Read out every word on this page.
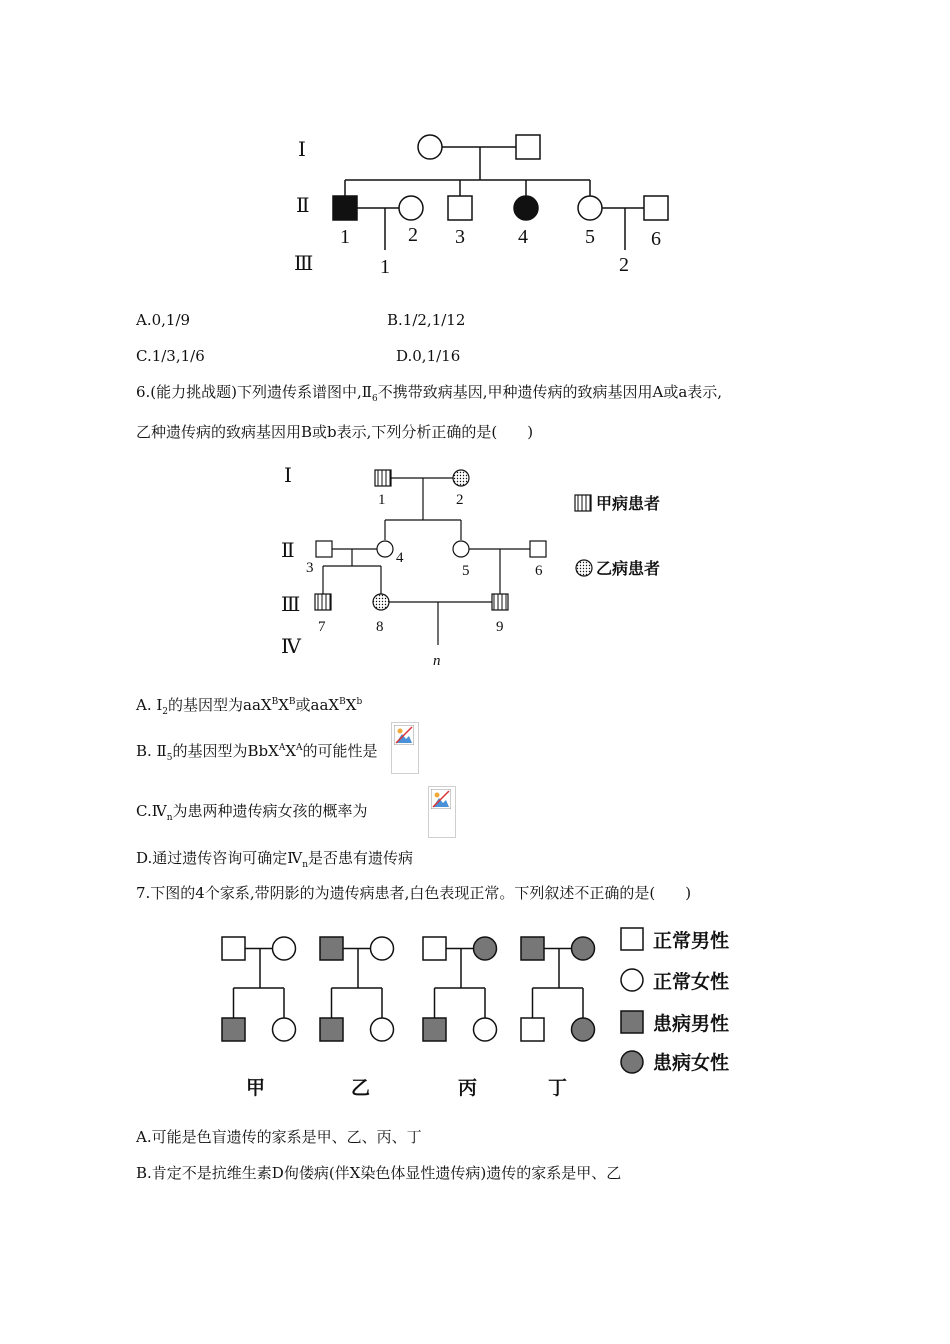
Ⅰ
Ⅱ
Ⅲ
1	2 3	4	5	6
1	2
Ⅰ
Ⅱ
Ⅲ
Ⅳ
1	2
3
4
5	6
7	8	9
n
甲病患者
乙病患者
正常男性
正常女性
患病男性
患病女性
甲	乙	丙	丁
A.0,1/9	B.1/2,1/12
C.1/3,1/6	D.0,1/16
6.(能力挑战题)下列遗传系谱图中$,Ⅱ_6$不携带致病基因,甲种遗传病的致病基因用A或a表示,
乙种遗传病的致病基因用B或b表示,下列分析正确的是(　　)
A. $Ⅰ_2$的基因型为$aaX^BX^B$或$aaX^BX^b$
B. $Ⅱ_5$的基因型为$BbX^AX^A$的可能性是

$C.Ⅳ_n$为患两种遗传病女孩的概率为
D.通过遗传咨询可确定$Ⅳ_n$是否患有遗传病
7.下图的4个家系,带阴影的为遗传病患者,白色表现正常。下列叙述不正确的是(　　)
A.可能是色盲遗传的家系是甲、乙、丙、丁
B.肯定不是抗维生素D佝偻病(伴X染色体显性遗传病)遗传的家系是甲、乙
